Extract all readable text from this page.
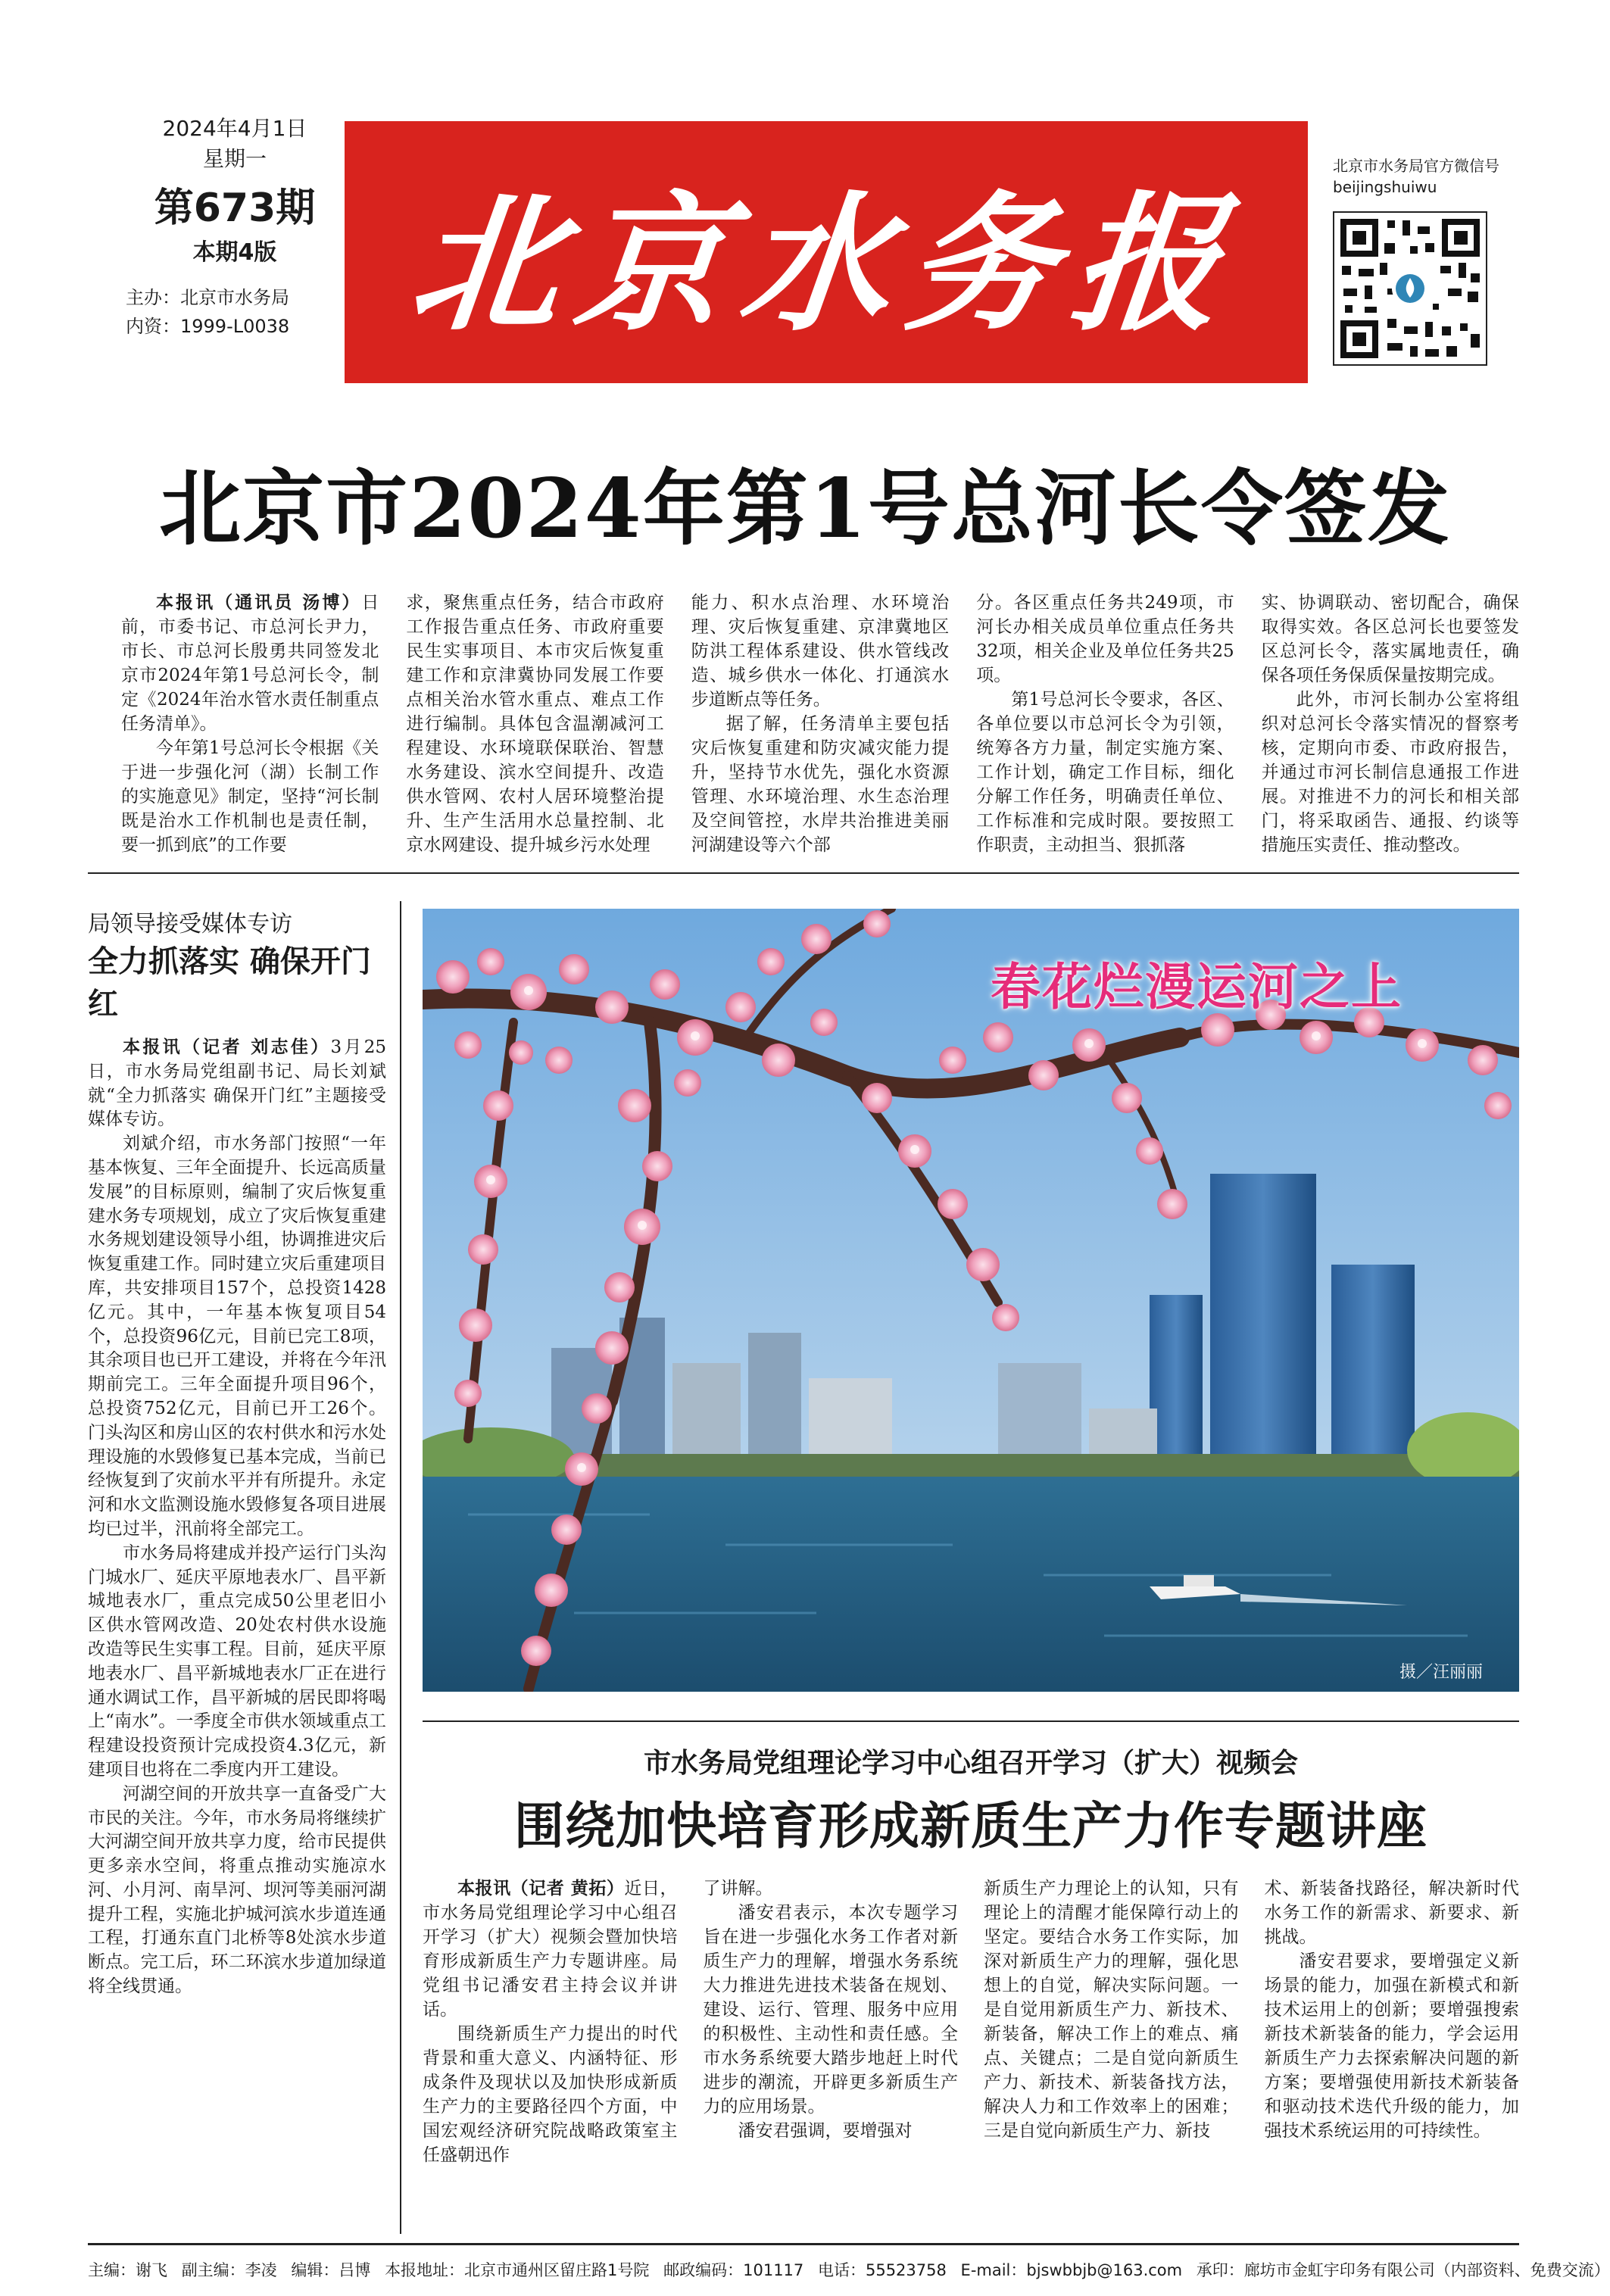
2024年4月1日
星期一
第673期
本期4版
主办：北京市水务局
内资：1999-L0038 北京水务报
北京市水务局官方微信号
beijingshuiwu
北京市2024年第1号总河长令签发

本报讯（通讯员 汤博）日前，市委书记、市总河长尹力，市长、市总河长殷勇共同签发北京市2024年第1号总河长令，制定《2024年治水管水责任制重点任务清单》。

今年第1号总河长令根据《关于进一步强化河（湖）长制工作的实施意见》制定，坚持“河长制既是治水工作机制也是责任制，要一抓到底”的工作要

求，聚焦重点任务，结合市政府工作报告重点任务、市政府重要民生实事项目、本市灾后恢复重建工作和京津冀协同发展工作要点相关治水管水重点、难点工作进行编制。具体包含温潮减河工程建设、水环境联保联治、智慧水务建设、滨水空间提升、改造供水管网、农村人居环境整治提升、生产生活用水总量控制、北京水网建设、提升城乡污水处理

能力、积水点治理、水环境治理、灾后恢复重建、京津冀地区防洪工程体系建设、供水管线改造、城乡供水一体化、打通滨水步道断点等任务。

据了解，任务清单主要包括灾后恢复重建和防灾减灾能力提升，坚持节水优先，强化水资源管理、水环境治理、水生态治理及空间管控，水岸共治推进美丽河湖建设等六个部

分。各区重点任务共249项，市河长办相关成员单位重点任务共32项，相关企业及单位任务共25项。

第1号总河长令要求，各区、各单位要以市总河长令为引领，统筹各方力量，制定实施方案、工作计划，确定工作目标，细化分解工作任务，明确责任单位、工作标准和完成时限。要按照工作职责，主动担当、狠抓落

实、协调联动、密切配合，确保取得实效。各区总河长也要签发区总河长令，落实属地责任，确保各项任务保质保量按期完成。

此外，市河长制办公室将组织对总河长令落实情况的督察考核，定期向市委、市政府报告，并通过市河长制信息通报工作进展。对推进不力的河长和相关部门，将采取函告、通报、约谈等措施压实责任、推动整改。

局领导接受媒体专访
全力抓落实 确保开门红

本报讯（记者 刘志佳）3月25日，市水务局党组副书记、局长刘斌就“全力抓落实 确保开门红”主题接受媒体专访。

刘斌介绍，市水务部门按照“一年基本恢复、三年全面提升、长远高质量发展”的目标原则，编制了灾后恢复重建水务专项规划，成立了灾后恢复重建水务规划建设领导小组，协调推进灾后恢复重建工作。同时建立灾后重建项目库，共安排项目157个，总投资1428亿元。其中，一年基本恢复项目54个，总投资96亿元，目前已完工8项，其余项目也已开工建设，并将在今年汛期前完工。三年全面提升项目96个，总投资752亿元，目前已开工26个。门头沟区和房山区的农村供水和污水处理设施的水毁修复已基本完成，当前已经恢复到了灾前水平并有所提升。永定河和水文监测设施水毁修复各项目进展均已过半，汛前将全部完工。

市水务局将建成并投产运行门头沟门城水厂、延庆平原地表水厂、昌平新城地表水厂，重点完成50公里老旧小区供水管网改造、20处农村供水设施改造等民生实事工程。目前，延庆平原地表水厂、昌平新城地表水厂正在进行通水调试工作，昌平新城的居民即将喝上“南水”。一季度全市供水领域重点工程建设投资预计完成投资4.3亿元，新建项目也将在二季度内开工建设。

河湖空间的开放共享一直备受广大市民的关注。今年，市水务局将继续扩大河湖空间开放共享力度，给市民提供更多亲水空间，将重点推动实施凉水河、小月河、南旱河、坝河等美丽河湖提升工程，实施北护城河滨水步道连通工程，打通东直门北桥等8处滨水步道断点。完工后，环二环滨水步道加绿道将全线贯通。

春花烂漫运河之上
摄／汪丽丽
市水务局党组理论学习中心组召开学习（扩大）视频会
围绕加快培育形成新质生产力作专题讲座

本报讯（记者 黄拓）近日，市水务局党组理论学习中心组召开学习（扩大）视频会暨加快培育形成新质生产力专题讲座。局党组书记潘安君主持会议并讲话。

围绕新质生产力提出的时代背景和重大意义、内涵特征、形成条件及现状以及加快形成新质生产力的主要路径四个方面，中国宏观经济研究院战略政策室主任盛朝迅作

了讲解。

潘安君表示，本次专题学习旨在进一步强化水务工作者对新质生产力的理解，增强水务系统大力推进先进技术装备在规划、建设、运行、管理、服务中应用的积极性、主动性和责任感。全市水务系统要大踏步地赶上时代进步的潮流，开辟更多新质生产力的应用场景。

潘安君强调，要增强对

新质生产力理论上的认知，只有理论上的清醒才能保障行动上的坚定。要结合水务工作实际，加深对新质生产力的理解，强化思想上的自觉，解决实际问题。一是自觉用新质生产力、新技术、新装备，解决工作上的难点、痛点、关键点；二是自觉向新质生产力、新技术、新装备找方法，解决人力和工作效率上的困难；三是自觉向新质生产力、新技

术、新装备找路径，解决新时代水务工作的新需求、新要求、新挑战。

潘安君要求，要增强定义新场景的能力，加强在新模式和新技术运用上的创新；要增强搜索新技术新装备的能力，学会运用新质生产力去探索解决问题的新方案；要增强使用新技术新装备和驱动技术迭代升级的能力，加强技术系统运用的可持续性。

主编：谢飞 副主编：李凌 编辑：吕博 本报地址：北京市通州区留庄路1号院 邮政编码：101117 电话：55523758 E-mail：bjswbbjb@163.com 承印：廊坊市金虹宇印务有限公司（内部资料、免费交流）
